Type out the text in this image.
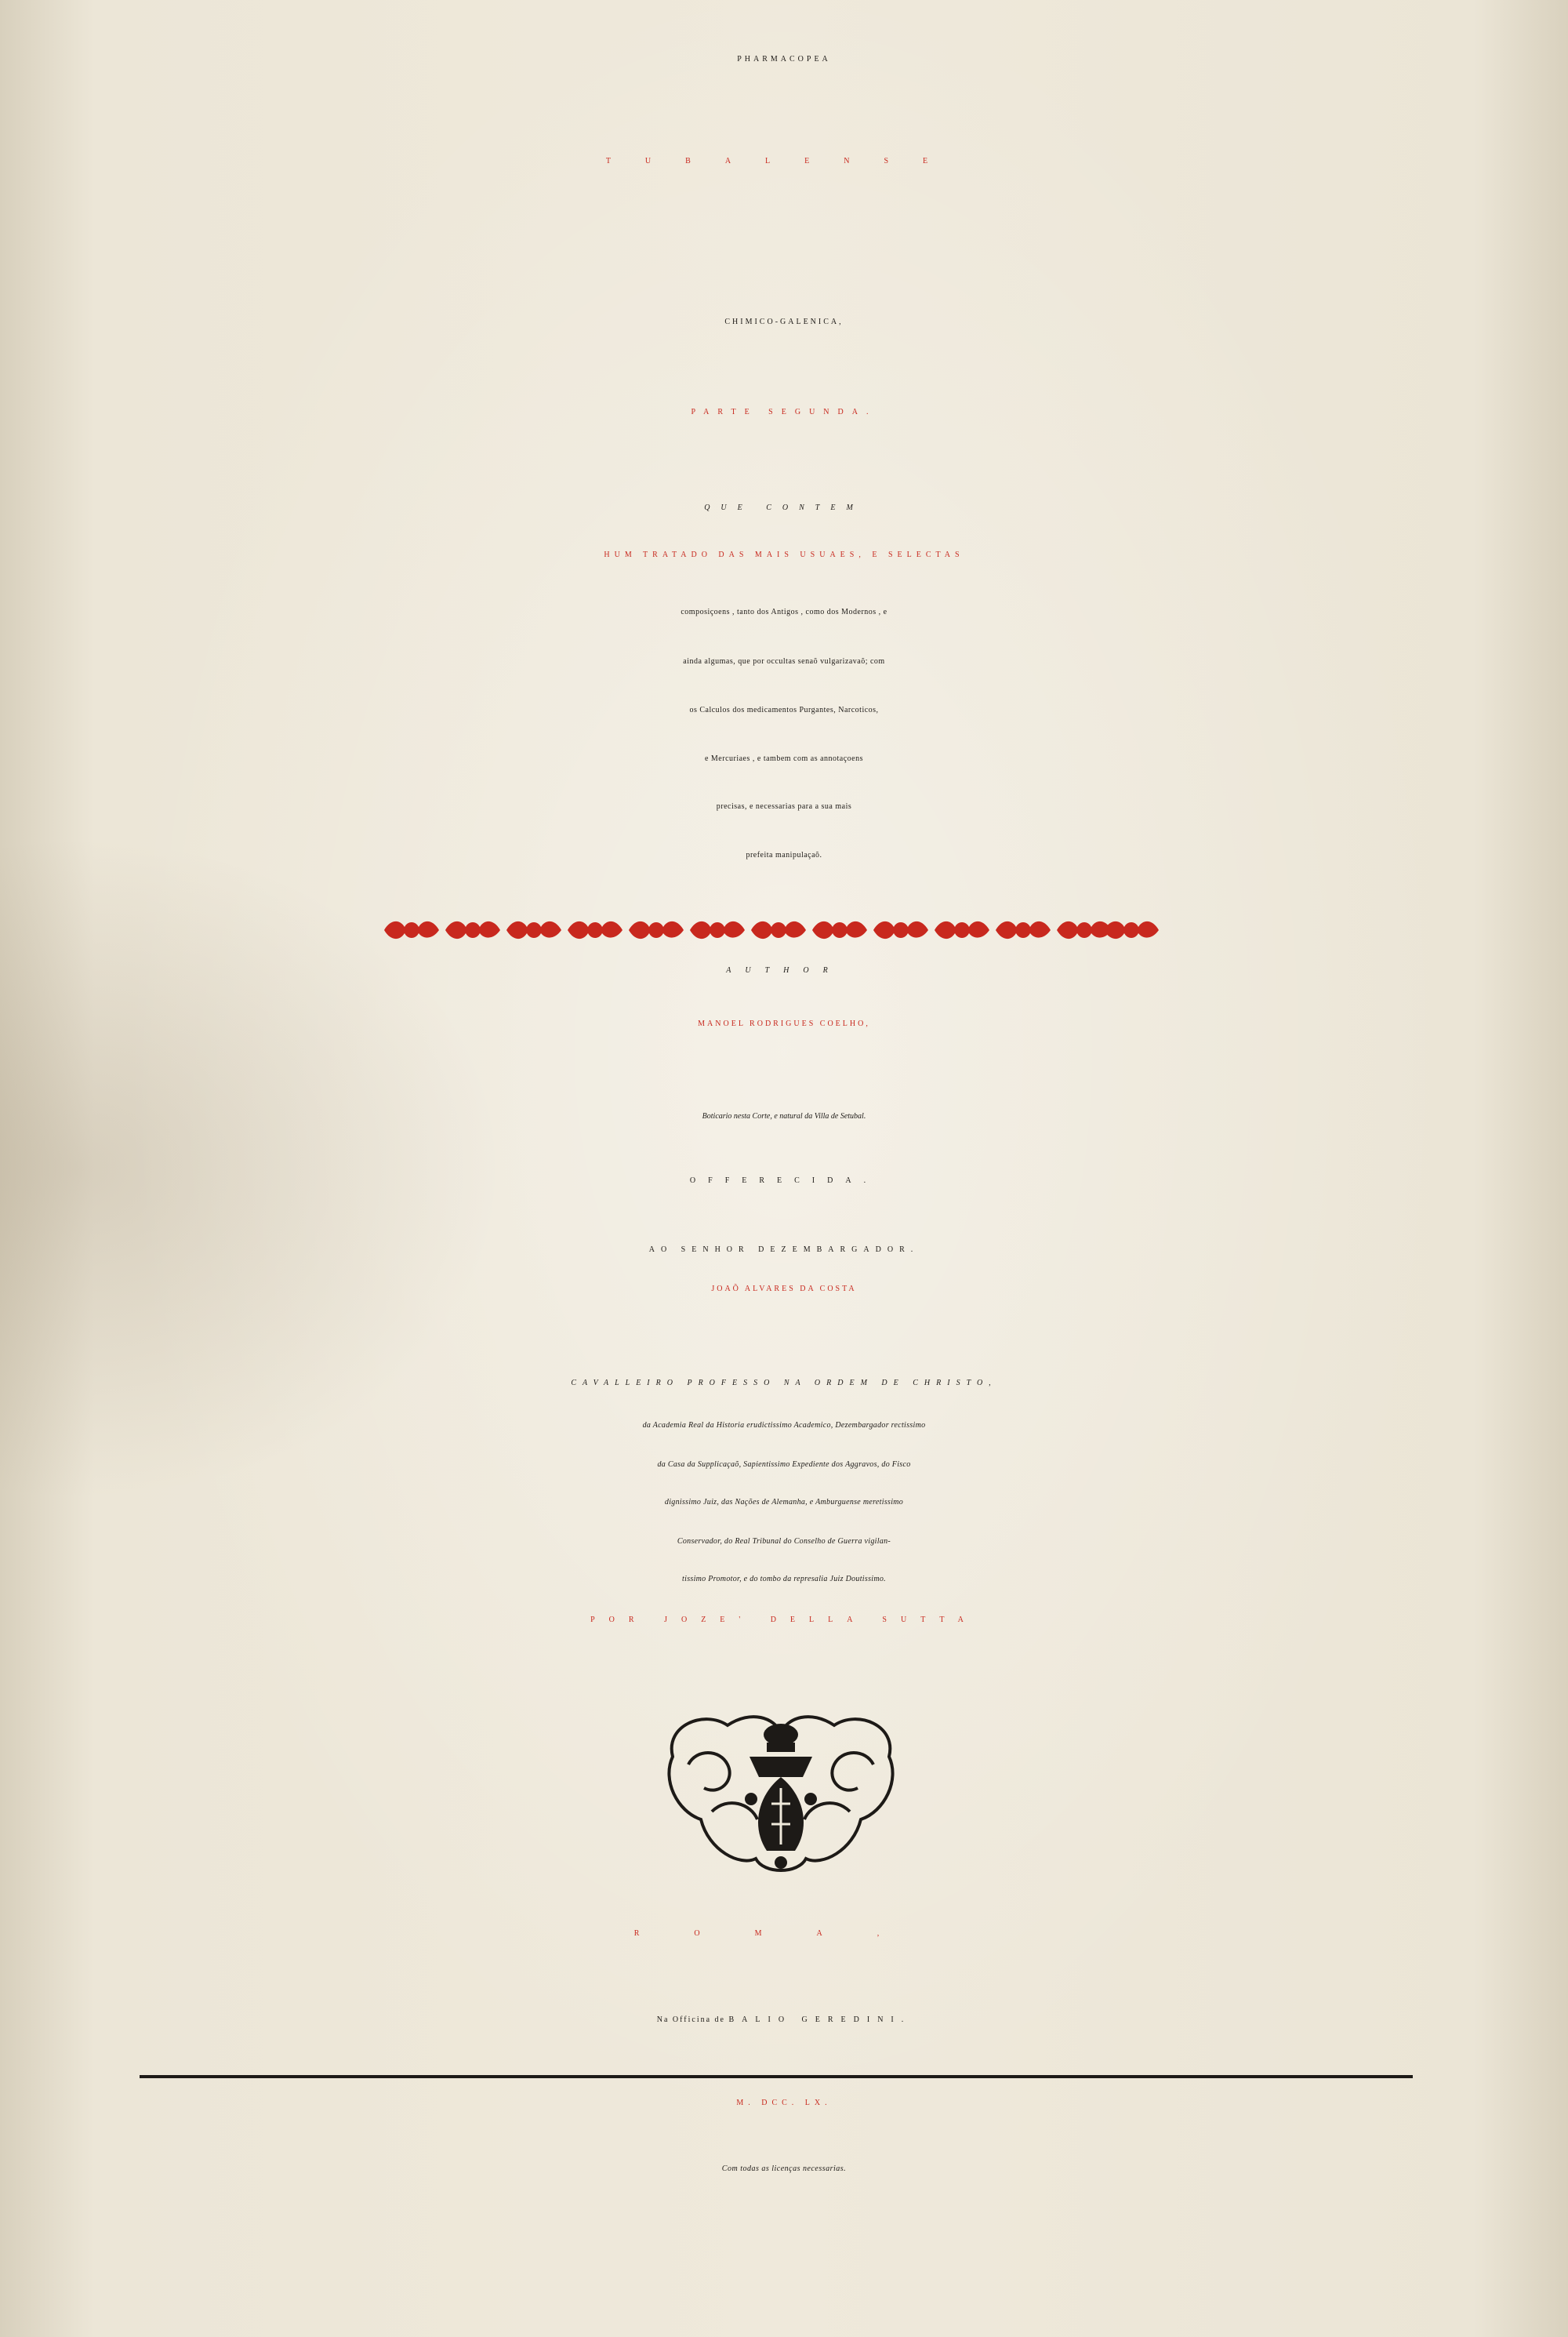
PHARMACOPEA

TUBALENSE

CHIMICO-GALENICA,

PARTE SEGUNDA.

QUE CONTEM

HUM TRATADO DAS MAIS USUAES, E SELECTAS

composiçoens , tanto dos Antigos , como dos Modernos , e

ainda algumas, que por occultas senaõ vulgarizavaõ; com

os Calculos dos medicamentos Purgantes, Narcoticos,

e Mercuriaes , e tambem com as annotaçoens

precisas, e necessarias para a sua mais

prefeita manipulaçaõ.

AUTHOR

MANOEL RODRIGUES COELHO,

Boticario nesta Corte, e natural da Villa de Setubal.

OFFERECIDA.

AO SENHOR DEZEMBARGADOR.

JOAÕ ALVARES DA COSTA

CAVALLEIRO PROFESSO NA ORDEM DE CHRISTO,

da Academia Real da Historia erudictissimo Academico, Dezembargador rectissimo

da Casa da Supplicaçaõ, Sapientissimo Expediente dos Aggravos, do Fisco

dignissimo Juiz, das Nações de Alemanha, e Amburguense meretissimo

Conservador, do Real Tribunal do Conselho de Guerra vigilan-

tissimo Promotor, e do tombo da represalia Juiz Doutissimo.

POR JOZE' DELLA SUTTA

ROMA,

Na Officina de BALIO GEREDINI.

M. DCC. LX.

Com todas as licenças necessarias.
